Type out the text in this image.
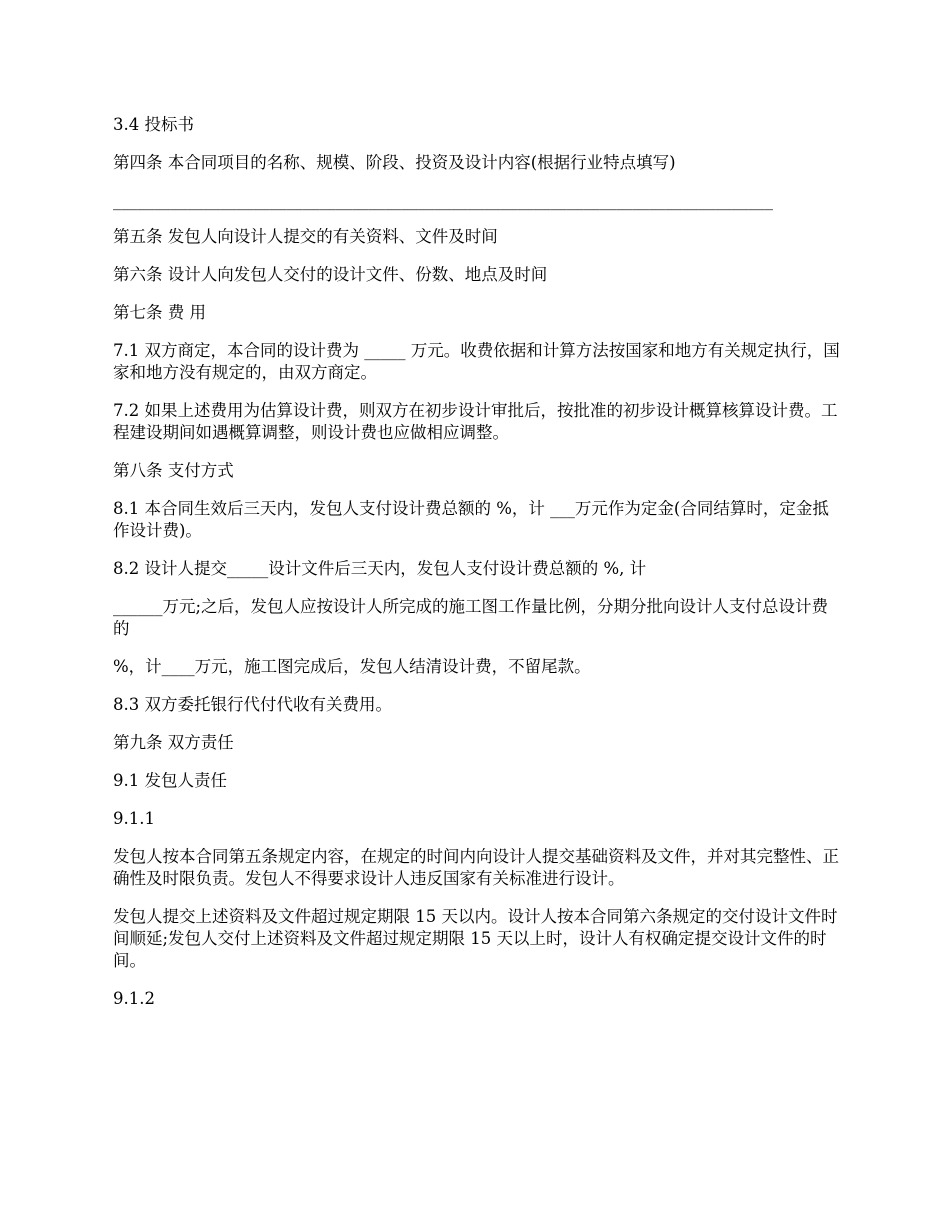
3.4 投标书

第四条 本合同项目的名称、规模、阶段、投资及设计内容(根据行业特点填写)

________________________________________________________________________________

第五条 发包人向设计人提交的有关资料、文件及时间

第六条 设计人向发包人交付的设计文件、份数、地点及时间

第七条 费 用

7.1 双方商定，本合同的设计费为 _____ 万元。收费依据和计算方法按国家和地方有关规定执行，国家和地方没有规定的，由双方商定。

7.2 如果上述费用为估算设计费，则双方在初步设计审批后，按批准的初步设计概算核算设计费。工程建设期间如遇概算调整，则设计费也应做相应调整。

第八条 支付方式

8.1 本合同生效后三天内，发包人支付设计费总额的 %，计 ___万元作为定金(合同结算时，定金抵作设计费)。

8.2 设计人提交_____设计文件后三天内，发包人支付设计费总额的 %, 计

______万元;之后，发包人应按设计人所完成的施工图工作量比例，分期分批向设计人支付总设计费的

%，计____万元，施工图完成后，发包人结清设计费，不留尾款。

8.3 双方委托银行代付代收有关费用。

第九条 双方责任

9.1 发包人责任

9.1.1

发包人按本合同第五条规定内容，在规定的时间内向设计人提交基础资料及文件，并对其完整性、正确性及时限负责。发包人不得要求设计人违反国家有关标准进行设计。

发包人提交上述资料及文件超过规定期限 15 天以内。设计人按本合同第六条规定的交付设计文件时间顺延;发包人交付上述资料及文件超过规定期限 15 天以上时，设计人有权确定提交设计文件的时间。

9.1.2
